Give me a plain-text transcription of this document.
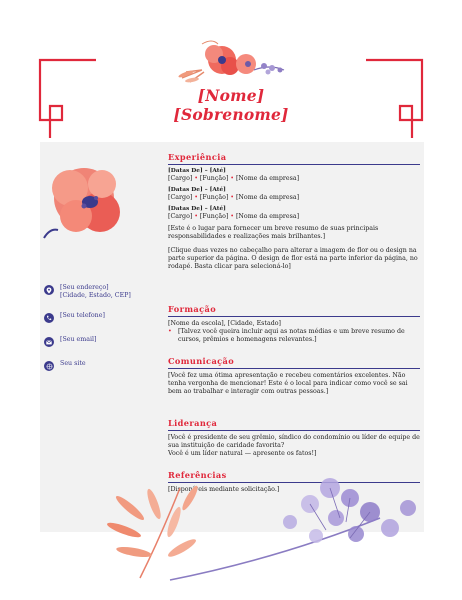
[Nome]
[Sobrenome]
[Seu endereço]
[Cidade, Estado, CEP]
[Seu telefone]
[Seu email]
Seu site
Experiência
[Datas De] – [Até]
[Cargo] • [Função] • [Nome da empresa]
[Datas De] – [Até]
[Cargo] • [Função] • [Nome da empresa]
[Datas De] – [Até]
[Cargo] • [Função] • [Nome da empresa]
[Este é o lugar para fornecer um breve resumo de suas principais responsabilidades e realizações mais brilhantes.]
[Clique duas vezes no cabeçalho para alterar a imagem de flor ou o design na parte superior da página. O design de flor está na parte inferior da página, no rodapé. Basta clicar para selecioná-lo]
Formação
[Nome da escola], [Cidade, Estado]
• [Talvez você queira incluir aqui as notas médias e um breve resumo de cursos, prêmios e homenagens relevantes.]
Comunicação
[Você fez uma ótima apresentação e recebeu comentários excelentes. Não tenha vergonha de mencionar! Este é o local para indicar como você se sai bem ao trabalhar e interagir com outras pessoas.]
Liderança
[Você é presidente de seu grêmio, síndico do condomínio ou líder de equipe de sua instituição de caridade favorita?
Você é um líder natural — apresente os fatos!]
Referências
[Disponíveis mediante solicitação.]
